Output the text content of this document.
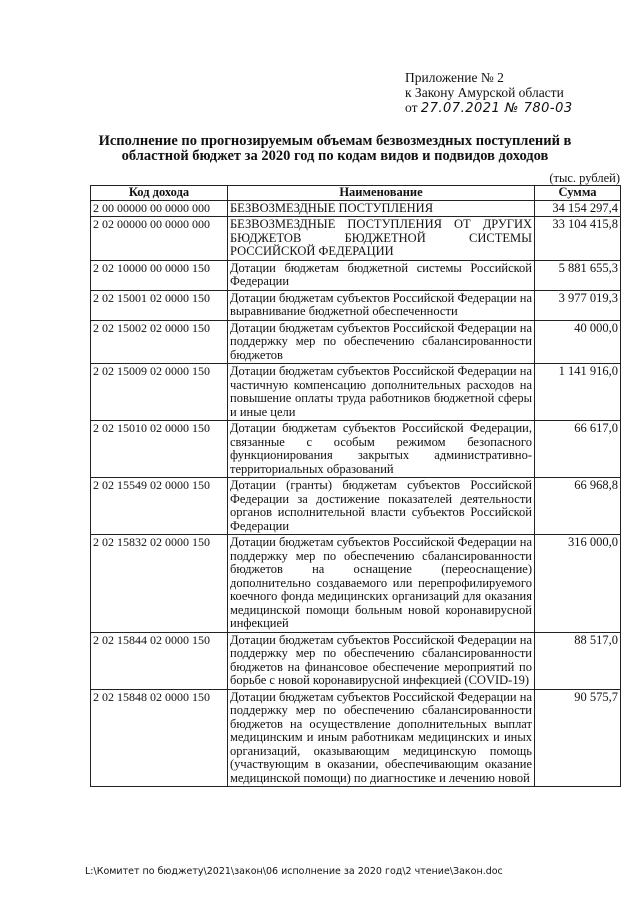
Приложение № 2
к Закону Амурской области
от 27.07.2021 № 780-03
Исполнение по прогнозируемым объемам безвозмездных поступлений в областной бюджет за 2020 год по кодам видов и подвидов доходов
(тыс. рублей)
Код дохода	Наименование	Сумма
2 00 00000 00 0000 000	БЕЗВОЗМЕЗДНЫЕ ПОСТУПЛЕНИЯ	34 154 297,4
2 02 00000 00 0000 000	БЕЗВОЗМЕЗДНЫЕ ПОСТУПЛЕНИЯ ОТ ДРУГИХ БЮДЖЕТОВ БЮДЖЕТНОЙ СИСТЕМЫ РОССИЙСКОЙ ФЕДЕРАЦИИ	33 104 415,8
2 02 10000 00 0000 150	Дотации бюджетам бюджетной системы Российской Федерации	5 881 655,3
2 02 15001 02 0000 150	Дотации бюджетам субъектов Российской Федерации на выравнивание бюджетной обеспеченности	3 977 019,3
2 02 15002 02 0000 150	Дотации бюджетам субъектов Российской Федерации на поддержку мер по обеспечению сбалансированности бюджетов	40 000,0
2 02 15009 02 0000 150	Дотации бюджетам субъектов Российской Федерации на частичную компенсацию дополнительных расходов на повышение оплаты труда работников бюджетной сферы и иные цели	1 141 916,0
2 02 15010 02 0000 150	Дотации бюджетам субъектов Российской Федерации, связанные с особым режимом безопасного функционирования закрытых административно-территориальных образований	66 617,0
2 02 15549 02 0000 150	Дотации (гранты) бюджетам субъектов Российской Федерации за достижение показателей деятельности органов исполнительной власти субъектов Российской Федерации	66 968,8
2 02 15832 02 0000 150	Дотации бюджетам субъектов Российской Федерации на поддержку мер по обеспечению сбалансированности бюджетов на оснащение (переоснащение) дополнительно создаваемого или перепрофилируемого коечного фонда медицинских организаций для оказания медицинской помощи больным новой коронавирусной инфекцией	316 000,0
2 02 15844 02 0000 150	Дотации бюджетам субъектов Российской Федерации на поддержку мер по обеспечению сбалансированности бюджетов на финансовое обеспечение мероприятий по борьбе с новой коронавирусной инфекцией (COVID-19)	88 517,0
2 02 15848 02 0000 150	Дотации бюджетам субъектов Российской Федерации на поддержку мер по обеспечению сбалансированности бюджетов на осуществление дополнительных выплат медицинским и иным работникам медицинских и иных организаций, оказывающим медицинскую помощь (участвующим в оказании, обеспечивающим оказание медицинской помощи) по диагностике и лечению новой	90 575,7
L:\Комитет по бюджету\2021\закон\06 исполнение за 2020 год\2 чтение\Закон.doc
